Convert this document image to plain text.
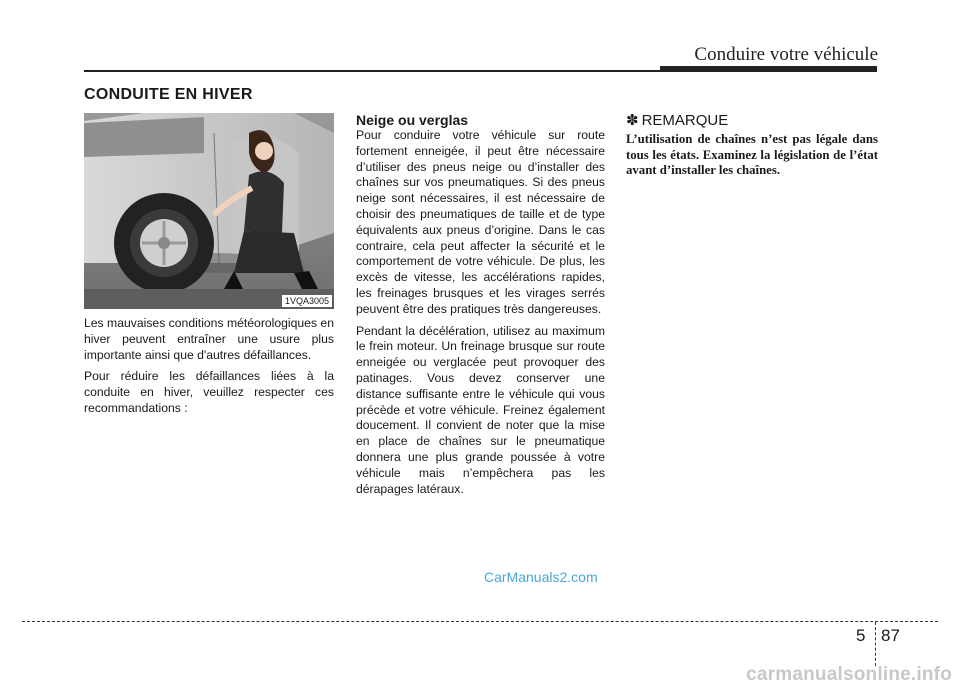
Conduire votre véhicule
CONDUITE EN HIVER
1VQA3005

Les mauvaises conditions météorologiques en hiver peuvent entraîner une usure plus importante ainsi que d'autres défaillances.

Pour réduire les défaillances liées à la conduite en hiver, veuillez respecter ces recommandations :

Neige ou verglas

Pour conduire votre véhicule sur route fortement enneigée, il peut être nécessaire d’utiliser des pneus neige ou d’installer des chaînes sur vos pneumatiques. Si des pneus neige sont nécessaires, il est nécessaire de choisir des pneumatiques de taille et de type équivalents aux pneus d’origine. Dans le cas contraire, cela peut affecter la sécurité et le comportement de votre véhicule. De plus, les excès de vitesse, les accélérations rapides, les freinages brusques et les virages serrés peuvent être des pratiques très dangereuses.

Pendant la décélération, utilisez au maximum le frein moteur. Un freinage brusque sur route enneigée ou verglacée peut provoquer des patinages. Vous devez conserver une distance suffisante entre le véhicule qui vous précède et votre véhicule. Freinez également doucement. Il convient de noter que la mise en place de chaînes sur le pneumatique donnera une plus grande poussée à votre véhicule mais n’empêchera pas les dérapages latéraux.

✽ REMARQUE
L’utilisation de chaînes n’est pas légale dans tous les états. Examinez la législation de l’état avant d’installer les chaînes.
CarManuals2.com
5 87
carmanualsonline.info
